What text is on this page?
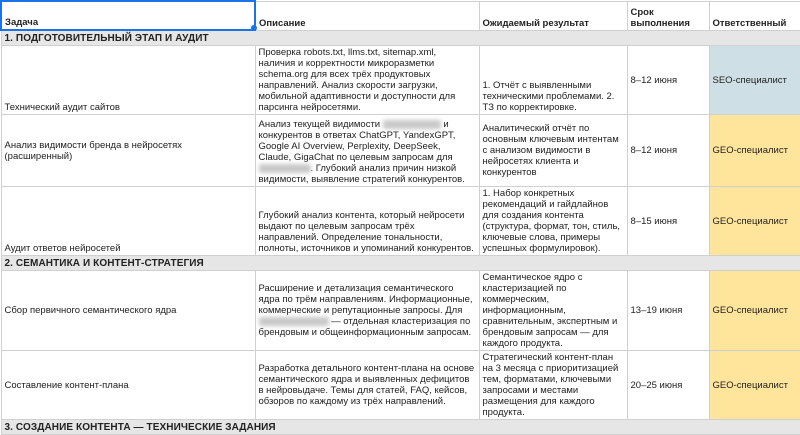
Задача	Описание	Ожидаемый результат	Срок выполнения	Ответственный
1. ПОДГОТОВИТЕЛЬНЫЙ ЭТАП И АУДИТ				
Технический аудит сайтов	Проверка robots.txt, llms.txt, sitemap.xml, наличия и корректности микроразметки schema.org для всех трёх продуктовых направлений. Анализ скорости загрузки, мобильной адаптивности и доступности для парсинга нейросетями.	1. Отчёт с выявленными техническими проблемами. 2. ТЗ по корректировке.	8–12 июня	SEO-специалист
Анализ видимости бренда в нейросетях (расширенный)	Анализ текущей видимости и конкурентов в ответах ChatGPT, YandexGPT, Google AI Overview, Perplexity, DeepSeek, Claude, GigaChat по целевым запросам для . Глубокий анализ причин низкой видимости, выявление стратегий конкурентов.	Аналитический отчёт по основным ключевым интентам с анализом видимости в нейросетях клиента и конкурентов	8–12 июня	GEO-специалист
Аудит ответов нейросетей	Глубокий анализ контента, который нейросети выдают по целевым запросам трёх направлений. Определение тональности, полноты, источников и упоминаний конкурентов.	1. Набор конкретных рекомендаций и гайдлайнов для создания контента (структура, формат, тон, стиль, ключевые слова, примеры успешных формулировок).	8–15 июня	GEO-специалист
2. СЕМАНТИКА И КОНТЕНТ-СТРАТЕГИЯ				
Сбор первичного семантического ядра	Расширение и детализация семантического ядра по трём направлениям. Информационные, коммерческие и репутационные запросы. Для  — отдельная кластеризация по брендовым и общеинформационным запросам.	Семантическое ядро с кластеризацией по коммерческим, информационным, сравнительным, экспертным и брендовым запросам — для каждого продукта.	13–19 июня	GEO-специалист
Составление контент-плана	Разработка детального контент-плана на основе семантического ядра и выявленных дефицитов в нейровыдаче. Темы для статей, FAQ, кейсов, обзоров по каждому из трёх направлений.	Стратегический контент-план на 3 месяца с приоритизацией тем, форматами, ключевыми запросами и местами размещения для каждого продукта.	20–25 июня	GEO-специалист
3. СОЗДАНИЕ КОНТЕНТА — ТЕХНИЧЕСКИЕ ЗАДАНИЯ				
